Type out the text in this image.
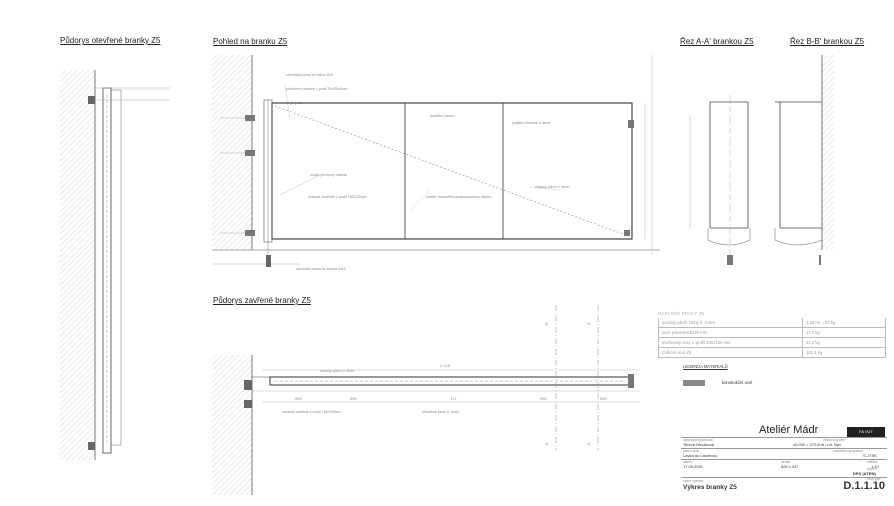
Půdorys otevřené branky Z5	Pohled na branku Z5	Řez A-A' brankou Z5	Řez B-B' brankou Z5
Půdorys zavřené branky Z5
chemická kotva do zdiva M12
podložení ocelové L-profil 30x30x3mm
ohyb plechu
vodicí plechový úhelník
ocelové zavěsné L-profil 180/130mm
tloušťka plechu
zvlnění zinkového pozinkovaného plechu
chemická kotva do betonu M12
pojistka hluboká U-8mm
zinkový plech tl. 4mm
B'	A'
B	A
2 120
990	990	171	990	590
ocelové zavěsné L-profil 180/130mm	přivařený plech tl. 4mm
zinkový plech tl. 4mm
OCELOVÉ PRVKY Z5
ocelový plech žárný tl. 4 mm	1,43 m² = 53 kg
ocel. pásovina 8x20 mm	17,2 kg
svařovaný ocel. L-profil 240x180 mm	31,2 kg
Celkem ocel Z5	101,4 kg
LEGENDA MATERIÁLŮ
konstrukční ocel
Ateliér Mádr	FA VUT
zpracoval/vypracoval
Tereza Nováková
výškový systém
±0,000 = 379,8 m n.m. Bpv
název akce
Lávka do Lanžhotu
souřadnicový systém
S-JTSK
datum
17.05.2021
formát
525 x 297
měřítko
1:10
stupeň
DPS (ATRN)
název výkresu
Výkres branky Z5
číslo výkr.
D.1.1.10
